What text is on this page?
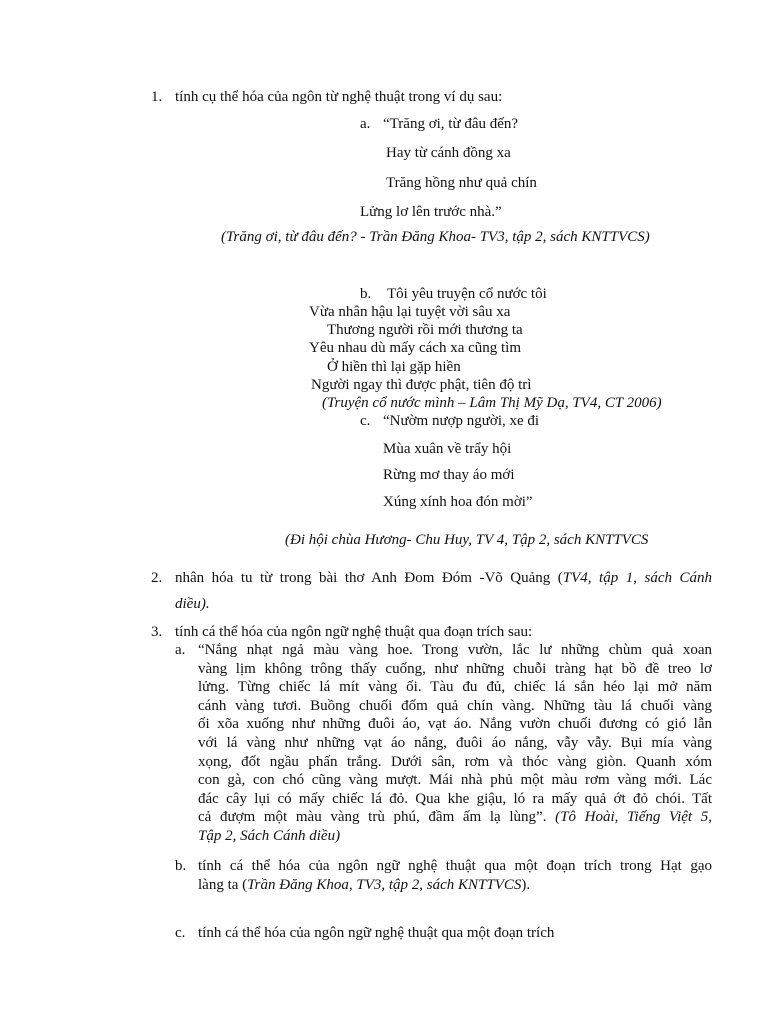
1. tính cụ thể hóa của ngôn từ nghệ thuật trong ví dụ sau:
a. “Trăng ơi, từ đâu đến?
Hay từ cánh đồng xa
Trăng hồng như quả chín
Lửng lơ lên trước nhà.”
(Trăng ơi, từ đâu đến? - Trần Đăng Khoa- TV3, tập 2, sách KNTTVCS)
b. Tôi yêu truyện cổ nước tôi
Vừa nhân hậu lại tuyệt vời sâu xa
Thương người rồi mới thương ta
Yêu nhau dù mấy cách xa cũng tìm
Ở hiền thì lại gặp hiền
Người ngay thì được phật, tiên độ trì
(Truyện cổ nước mình – Lâm Thị Mỹ Dạ, TV4, CT 2006)
c. “Nườm nượp người, xe đi
Mùa xuân về trẩy hội
Rừng mơ thay áo mới
Xúng xính hoa đón mời”
(Đi hội chùa Hương- Chu Huy, TV 4, Tập 2, sách KNTTVCS
2. nhân hóa tu từ trong bài thơ Anh Đom Đóm -Võ Quảng (TV4, tập 1, sách Cánh
diều).
3. tính cá thể hóa của ngôn ngữ nghệ thuật qua đoạn trích sau:
a. “Nắng nhạt ngả màu vàng hoe. Trong vườn, lắc lư những chùm quả xoan
vàng lịm không trông thấy cuống, như những chuỗi tràng hạt bồ đề treo lơ
lửng. Từng chiếc lá mít vàng ối. Tàu đu đủ, chiếc lá sắn héo lại mở năm
cánh vàng tươi. Buồng chuối đốm quả chín vàng. Những tàu lá chuối vàng
ối xõa xuống như những đuôi áo, vạt áo. Nắng vườn chuối đương có gió lẫn
với lá vàng như những vạt áo nắng, đuôi áo nắng, vẫy vẫy. Bụi mía vàng
xọng, đốt ngầu phấn trắng. Dưới sân, rơm và thóc vàng giòn. Quanh xóm
con gà, con chó cũng vàng mượt. Mái nhà phủ một màu rơm vàng mới. Lác
đác cây lụi có mấy chiếc lá đỏ. Qua khe giậu, ló ra mấy quả ớt đỏ chói. Tất
cả đượm một màu vàng trù phú, đầm ấm lạ lùng”. (Tô Hoài, Tiếng Việt 5,
Tập 2, Sách Cánh diều)
b. tính cá thể hóa của ngôn ngữ nghệ thuật qua một đoạn trích trong Hạt gạo
làng ta (Trần Đăng Khoa, TV3, tập 2, sách KNTTVCS).
c. tính cá thể hóa của ngôn ngữ nghệ thuật qua một đoạn trích
